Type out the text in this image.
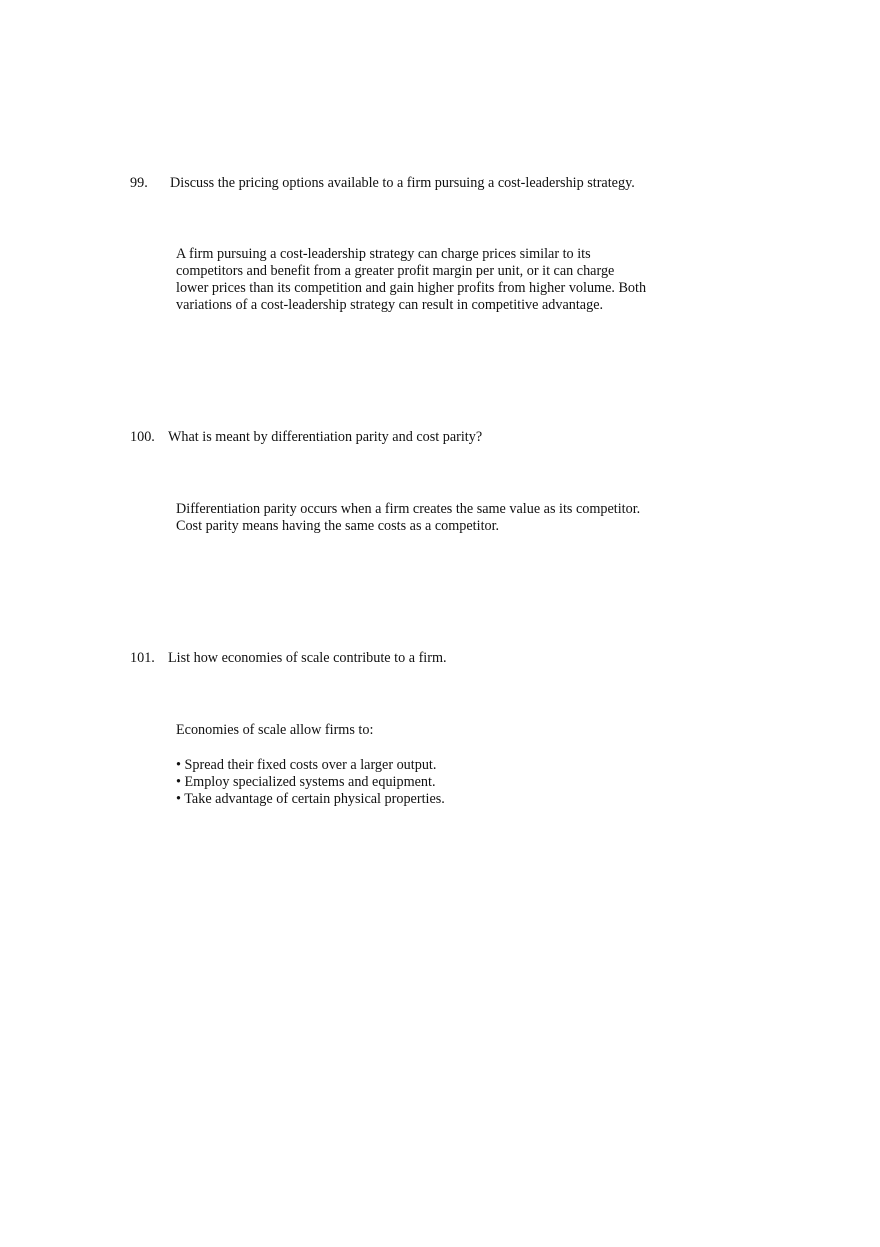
99. Discuss the pricing options available to a firm pursuing a cost-leadership strategy.
A firm pursuing a cost-leadership strategy can charge prices similar to its
competitors and benefit from a greater profit margin per unit, or it can charge
lower prices than its competition and gain higher profits from higher volume. Both
variations of a cost-leadership strategy can result in competitive advantage.
100. What is meant by differentiation parity and cost parity?
Differentiation parity occurs when a firm creates the same value as its competitor.
Cost parity means having the same costs as a competitor.
101. List how economies of scale contribute to a firm.
Economies of scale allow firms to:
• Spread their fixed costs over a larger output.
• Employ specialized systems and equipment.
• Take advantage of certain physical properties.
